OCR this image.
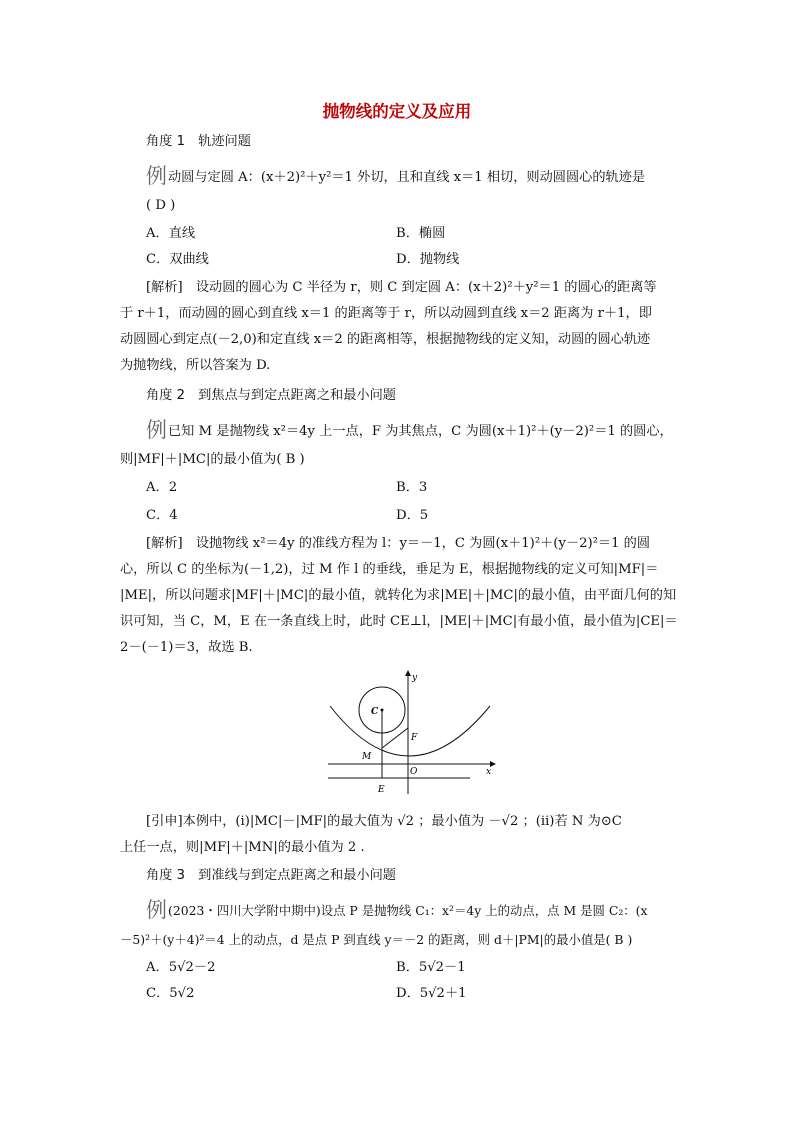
抛物线的定义及应用
角度 1　轨迹问题
例动圆与定圆 A：(x＋2)²＋y²＝1 外切，且和直线 x＝1 相切，则动圆圆心的轨迹是
( D )
A．直线	B．椭圆
C．双曲线	D．抛物线
[解析]　设动圆的圆心为 C 半径为 r，则 C 到定圆 A：(x＋2)²＋y²＝1 的圆心的距离等
于 r＋1，而动圆的圆心到直线 x＝1 的距离等于 r，所以动圆到直线 x＝2 距离为 r＋1，即
动圆圆心到定点(－2,0)和定直线 x＝2 的距离相等，根据抛物线的定义知，动圆的圆心轨迹
为抛物线，所以答案为 D.
角度 2　到焦点与到定点距离之和最小问题
例已知 M 是抛物线 x²＝4y 上一点，F 为其焦点，C 为圆(x＋1)²＋(y－2)²＝1 的圆心，
则|MF|＋|MC|的最小值为( B )
A．2	B．3
C．4	D．5
[解析]　设抛物线 x²＝4y 的准线方程为 l：y＝－1，C 为圆(x＋1)²＋(y－2)²＝1 的圆
心，所以 C 的坐标为(－1,2)，过 M 作 l 的垂线，垂足为 E，根据抛物线的定义可知|MF|＝
|ME|，所以问题求|MF|＋|MC|的最小值，就转化为求|ME|＋|MC|的最小值，由平面几何的知
识可知，当 C，M，E 在一条直线上时，此时 CE⊥l，|ME|＋|MC|有最小值，最小值为|CE|＝
2－(－1)＝3，故选 B.
y
x
C
F
M
O
E
[引申]本例中，(ⅰ)|MC|－|MF|的最大值为 √2 ；最小值为 －√2 ；(ⅱ)若 N 为⊙C
上任一点，则|MF|＋|MN|的最小值为 2 .
角度 3　到准线与到定点距离之和最小问题
例(2023・四川大学附中期中)设点 P 是抛物线 C₁：x²＝4y 上的动点，点 M 是圆 C₂：(x
－5)²＋(y＋4)²＝4 上的动点，d 是点 P 到直线 y＝－2 的距离，则 d＋|PM|的最小值是( B )
A．5√2－2	B．5√2－1
C．5√2	D．5√2＋1
